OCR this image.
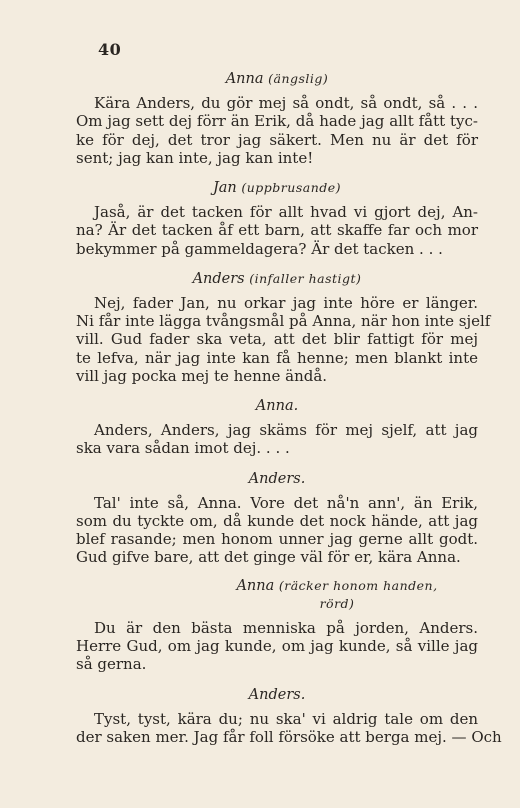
40

Anna (ängslig)

Kära Anders, du gör mej så ondt, så ondt, så . . .
Om jag sett dej förr än Erik, då hade jag allt fått tyc-
ke för dej, det tror jag säkert. Men nu är det för
sent; jag kan inte, jag kan inte!

Jan (uppbrusande)

Jaså, är det tacken för allt hvad vi gjort dej, An-
na? Är det tacken åf ett barn, att skaffe far och mor
bekymmer på gammeldagera? Är det tacken . . .

Anders (infaller hastigt)

Nej, fader Jan, nu orkar jag inte höre er länger.
Ni får inte lägga tvångsmål på Anna, när hon inte sjelf
vill. Gud fader ska veta, att det blir fattigt för mej
te lefva, när jag inte kan få henne; men blankt inte
vill jag pocka mej te henne ändå.

Anna.

Anders, Anders, jag skäms för mej sjelf, att jag
ska vara sådan imot dej. . . .

Anders.

Tal' inte så, Anna. Vore det nå'n ann', än Erik,
som du tyckte om, då kunde det nock hände, att jag
blef rasande; men honom unner jag gerne allt godt.
Gud gifve bare, att det ginge väl för er, kära Anna.

Anna (räcker honom handen,

rörd)

Du är den bästa menniska på jorden, Anders.
Herre Gud, om jag kunde, om jag kunde, så ville jag
så gerna.

Anders.

Tyst, tyst, kära du; nu ska' vi aldrig tale om den
der saken mer. Jag får foll försöke att berga mej. — Och
